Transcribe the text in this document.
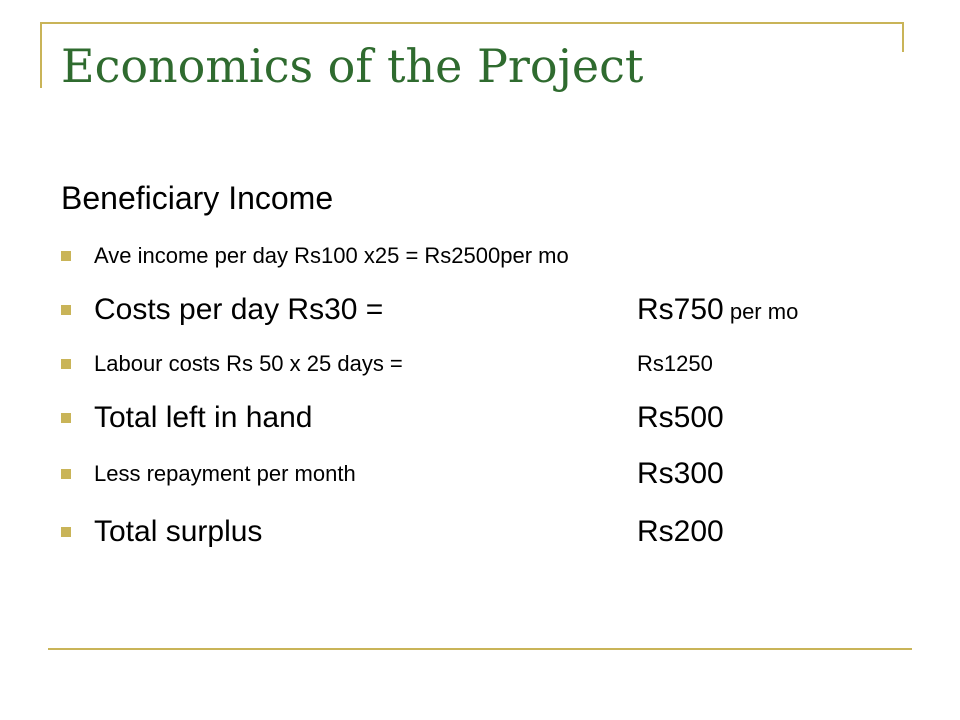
Economics of the Project
Beneficiary Income
Ave income per day Rs100 x25 = Rs2500per mo
Costs per day Rs30 =	Rs750 per mo
Labour costs Rs 50 x 25 days =	Rs1250
Total left in hand	Rs500
Less repayment per month	Rs300
Total surplus	Rs200
